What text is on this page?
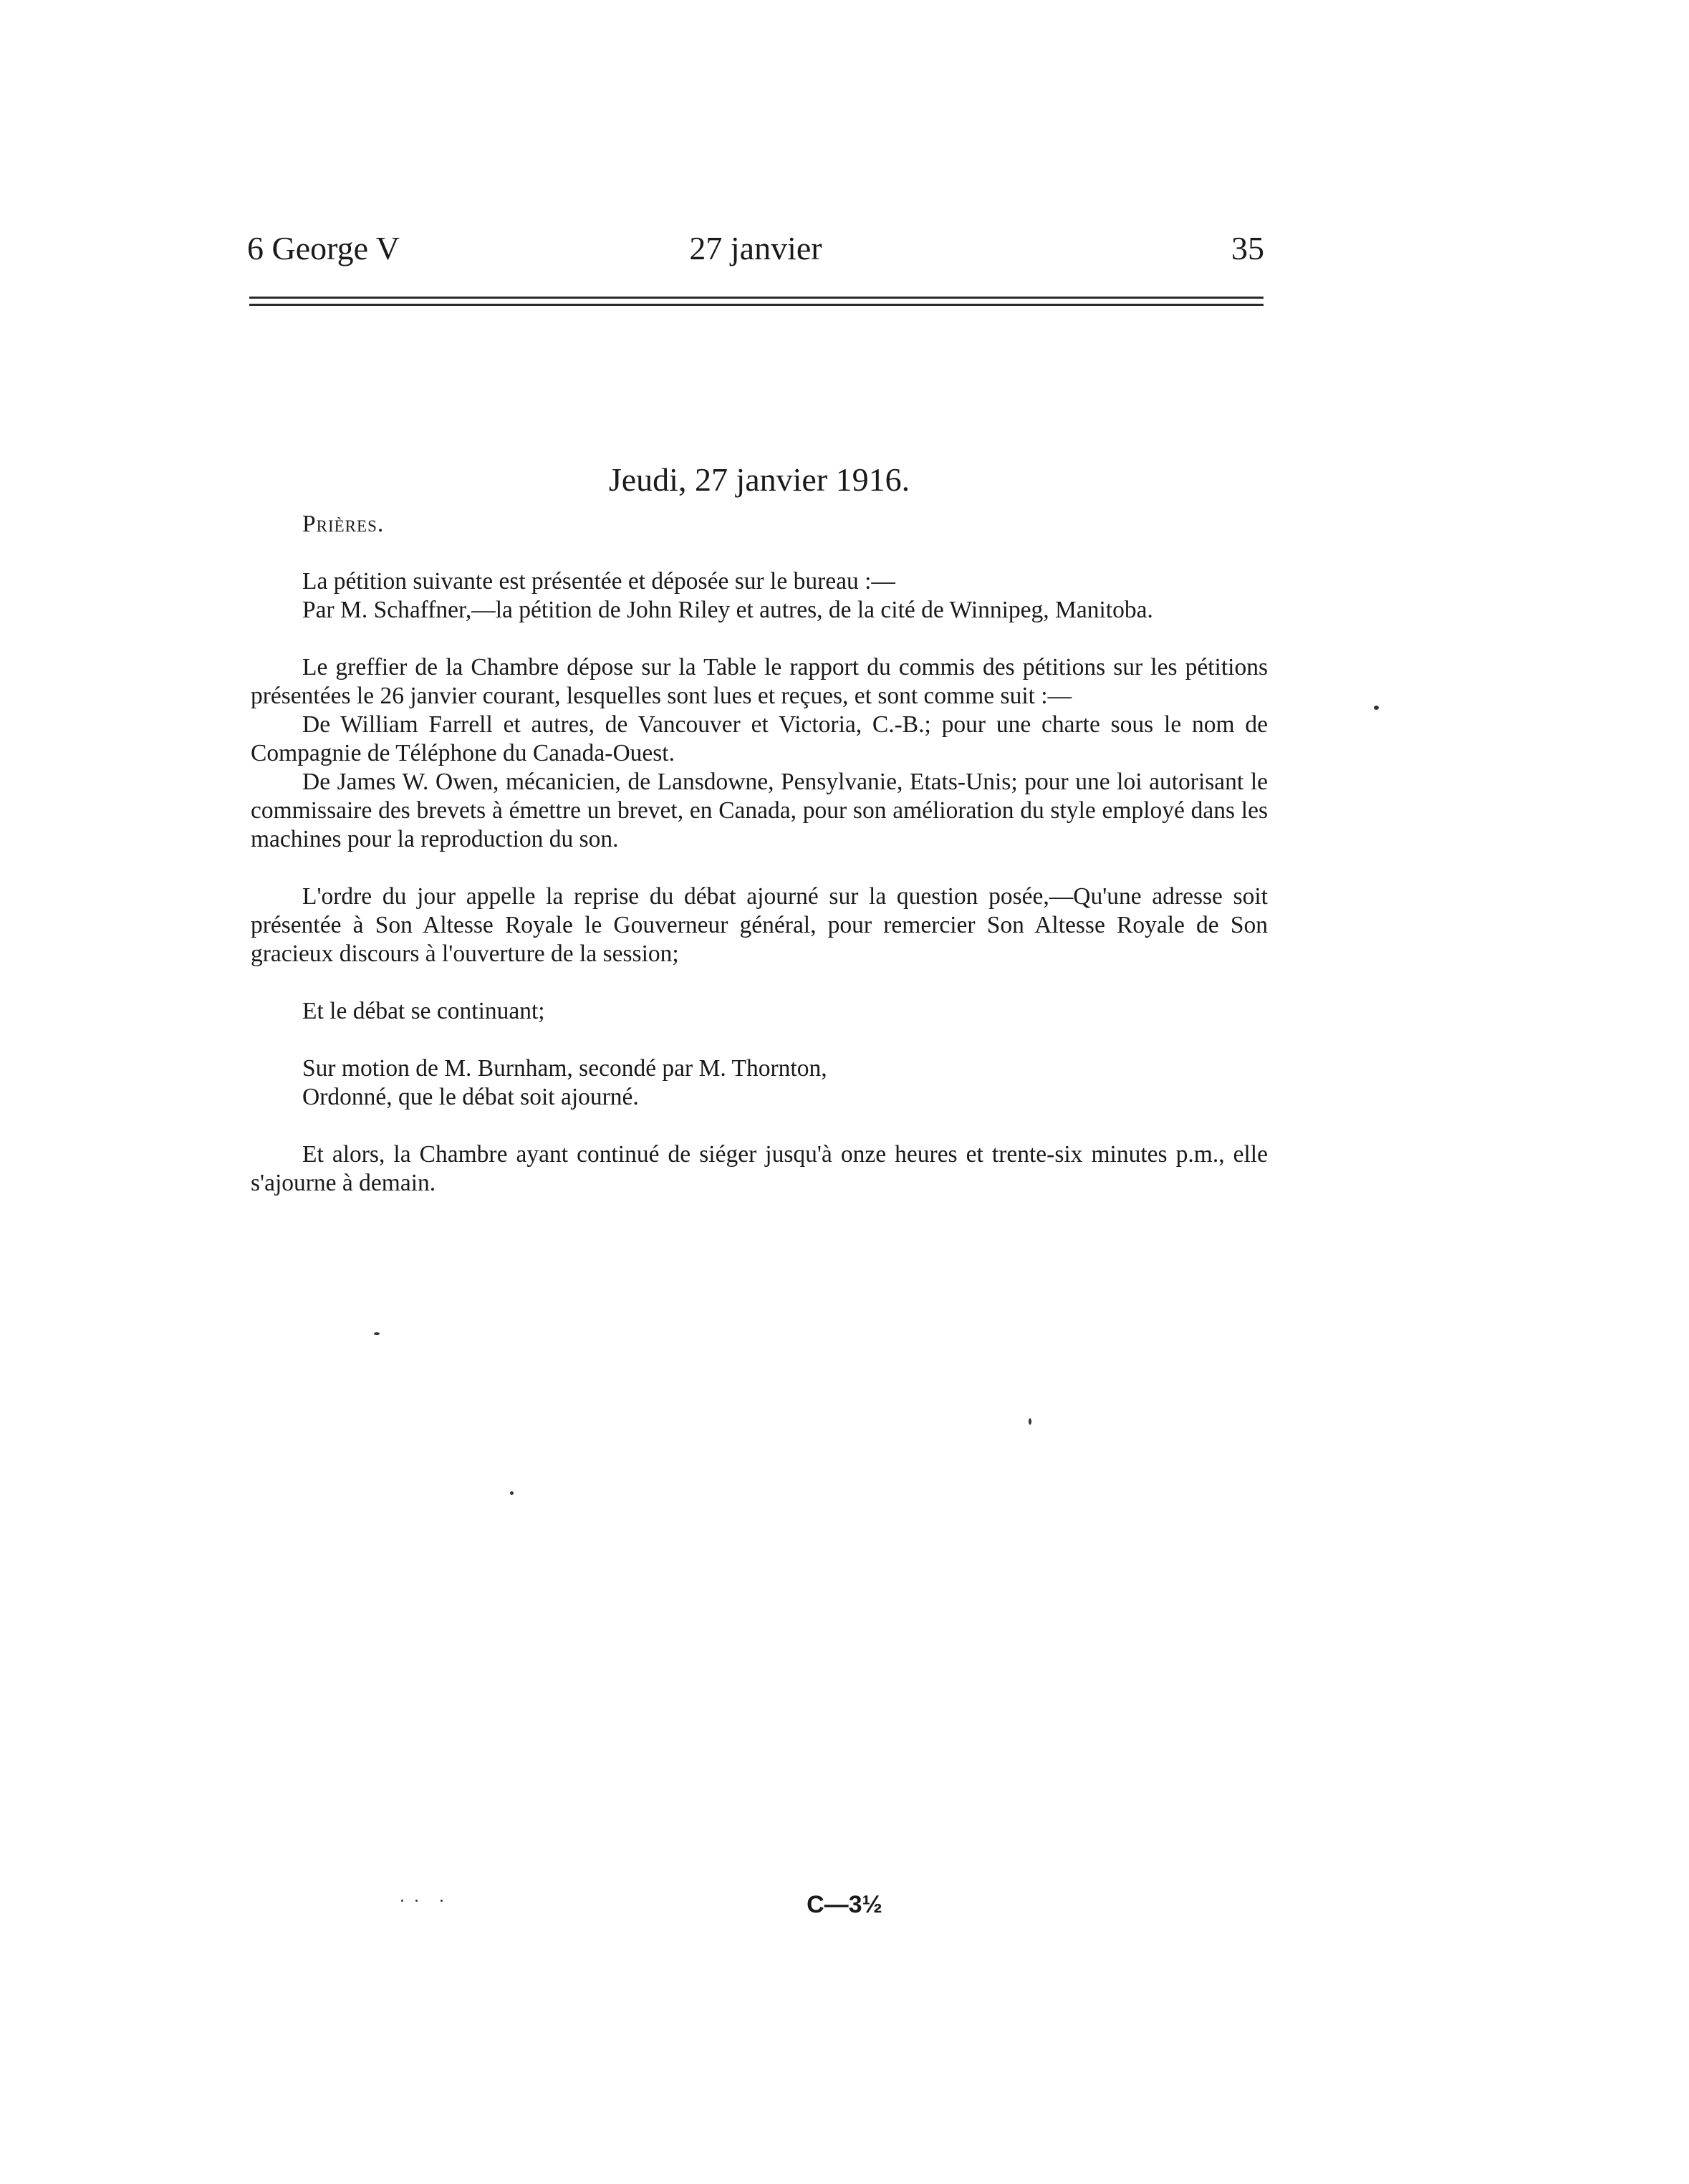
6 George V	27 janvier	35
Jeudi, 27 janvier 1916.

Prières.

La pétition suivante est présentée et déposée sur le bureau :—

Par M. Schaffner,—la pétition de John Riley et autres, de la cité de Winnipeg, Manitoba.

Le greffier de la Chambre dépose sur la Table le rapport du commis des pétitions sur les pétitions présentées le 26 janvier courant, lesquelles sont lues et reçues, et sont comme suit :—

De William Farrell et autres, de Vancouver et Victoria, C.-B.; pour une charte sous le nom de Compagnie de Téléphone du Canada-Ouest.

De James W. Owen, mécanicien, de Lansdowne, Pensylvanie, Etats-Unis; pour une loi autorisant le commissaire des brevets à émettre un brevet, en Canada, pour son amélioration du style employé dans les machines pour la reproduction du son.

L'ordre du jour appelle la reprise du débat ajourné sur la question posée,—Qu'une adresse soit présentée à Son Altesse Royale le Gouverneur général, pour remercier Son Altesse Royale de Son gracieux discours à l'ouverture de la session;

Et le débat se continuant;

Sur motion de M. Burnham, secondé par M. Thornton,

Ordonné, que le débat soit ajourné.

Et alors, la Chambre ayant continué de siéger jusqu'à onze heures et trente-six minutes p.m., elle s'ajourne à demain.

C—3½
